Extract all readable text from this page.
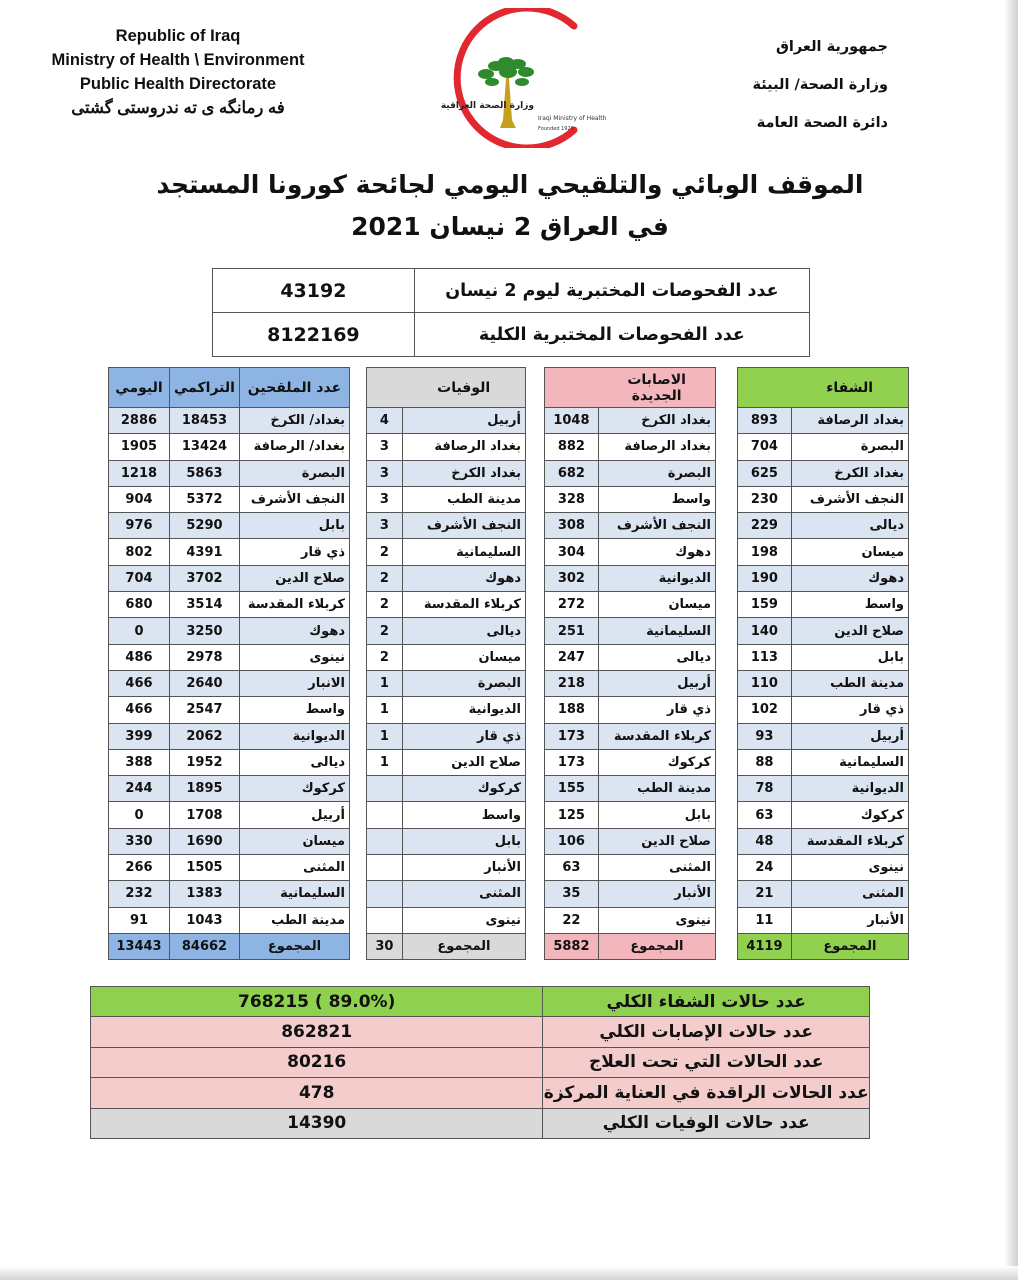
Republic of Iraq
Ministry of Health \ Environment
Public Health Directorate
فه رمانگه ى ته ندروستى گشتى
جمهورية العراق
وزارة الصحة/ البيئة
دائرة الصحة العامة
وزارة الصحة العراقية
Iraqi Ministry of Health
Founded 1920
الموقف الوبائي والتلقيحي اليومي لجائحة كورونا المستجد
في العراق 2 نيسان 2021
43192	عدد الفحوصات المختبرية ليوم 2 نيسان
8122169	عدد الفحوصات المختبرية الكلية
	الشفاء
893	بغداد الرصافة
704	البصرة
625	بغداد الكرخ
230	النجف الأشرف
229	ديالى
198	ميسان
190	دهوك
159	واسط
140	صلاح الدين
113	بابل
110	مدينة الطب
102	ذي قار
93	أربيل
88	السليمانية
78	الديوانية
63	كركوك
48	كربلاء المقدسة
24	نينوى
21	المثنى
11	الأنبار
4119	المجموع
	الاصابات الجديدة
1048	بغداد الكرخ
882	بغداد الرصافة
682	البصرة
328	واسط
308	النجف الأشرف
304	دهوك
302	الديوانية
272	ميسان
251	السليمانية
247	ديالى
218	أربيل
188	ذي قار
173	كربلاء المقدسة
173	كركوك
155	مدينة الطب
125	بابل
106	صلاح الدين
63	المثنى
35	الأنبار
22	نينوى
5882	المجموع
	الوفيات
4	أربيل
3	بغداد الرصافة
3	بغداد الكرخ
3	مدينة الطب
3	النجف الأشرف
2	السليمانية
2	دهوك
2	كربلاء المقدسة
2	ديالى
2	ميسان
1	البصرة
1	الديوانية
1	ذي قار
1	صلاح الدين
	كركوك
	واسط
	بابل
	الأنبار
	المثنى
	نينوى
30	المجموع
اليومي	التراكمي	عدد الملقحين
2886	18453	بغداد/ الكرخ
1905	13424	بغداد/ الرصافة
1218	5863	البصرة
904	5372	النجف الأشرف
976	5290	بابل
802	4391	ذي قار
704	3702	صلاح الدين
680	3514	كربلاء المقدسة
0	3250	دهوك
486	2978	نينوى
466	2640	الانبار
466	2547	واسط
399	2062	الديوانية
388	1952	ديالى
244	1895	كركوك
0	1708	أربيل
330	1690	ميسان
266	1505	المثنى
232	1383	السليمانية
91	1043	مدينة الطب
13443	84662	المجموع
768215 ( 89.0%)	عدد حالات الشفاء الكلي
862821	عدد حالات الإصابات الكلي
80216	عدد الحالات التي تحت العلاج
478	عدد الحالات الراقدة في العناية المركزة
14390	عدد حالات الوفيات الكلي
